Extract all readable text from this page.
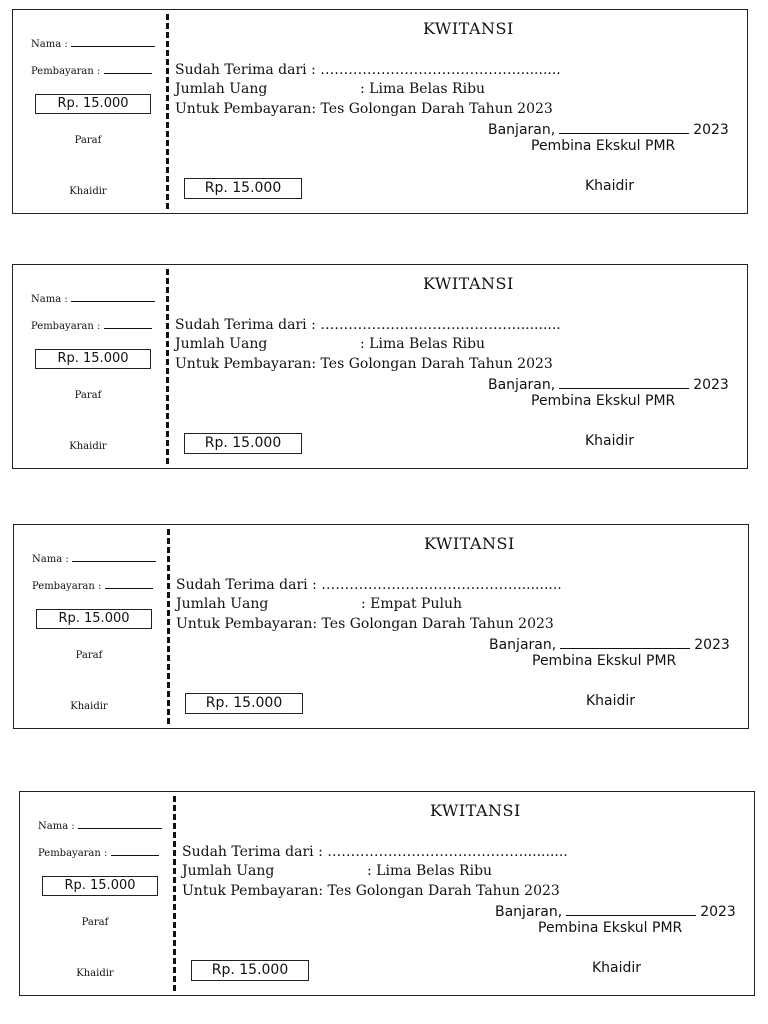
Nama :
Pembayaran :
Rp. 15.000
Paraf
Khaidir
KWITANSI
Sudah Terima dari : ……………………………………..........
Jumlah Uang	: Lima Belas Ribu
Untuk Pembayaran: Tes Golongan Darah Tahun 2023
Banjaran,	2023
Pembina Ekskul PMR
Rp. 15.000	Khaidir
Nama :
Pembayaran :
Rp. 15.000
Paraf
Khaidir
KWITANSI
Sudah Terima dari : ……………………………………..........
Jumlah Uang	: Lima Belas Ribu
Untuk Pembayaran: Tes Golongan Darah Tahun 2023
Banjaran,	2023
Pembina Ekskul PMR
Rp. 15.000	Khaidir
Nama :
Pembayaran :
Rp. 15.000
Paraf
Khaidir
KWITANSI
Sudah Terima dari : ……………………………………..........
Jumlah Uang	: Empat Puluh
Untuk Pembayaran: Tes Golongan Darah Tahun 2023
Banjaran,	2023
Pembina Ekskul PMR
Rp. 15.000	Khaidir
Nama :
Pembayaran :
Rp. 15.000
Paraf
Khaidir
KWITANSI
Sudah Terima dari : ……………………………………..........
Jumlah Uang	: Lima Belas Ribu
Untuk Pembayaran: Tes Golongan Darah Tahun 2023
Banjaran,	2023
Pembina Ekskul PMR
Rp. 15.000	Khaidir
